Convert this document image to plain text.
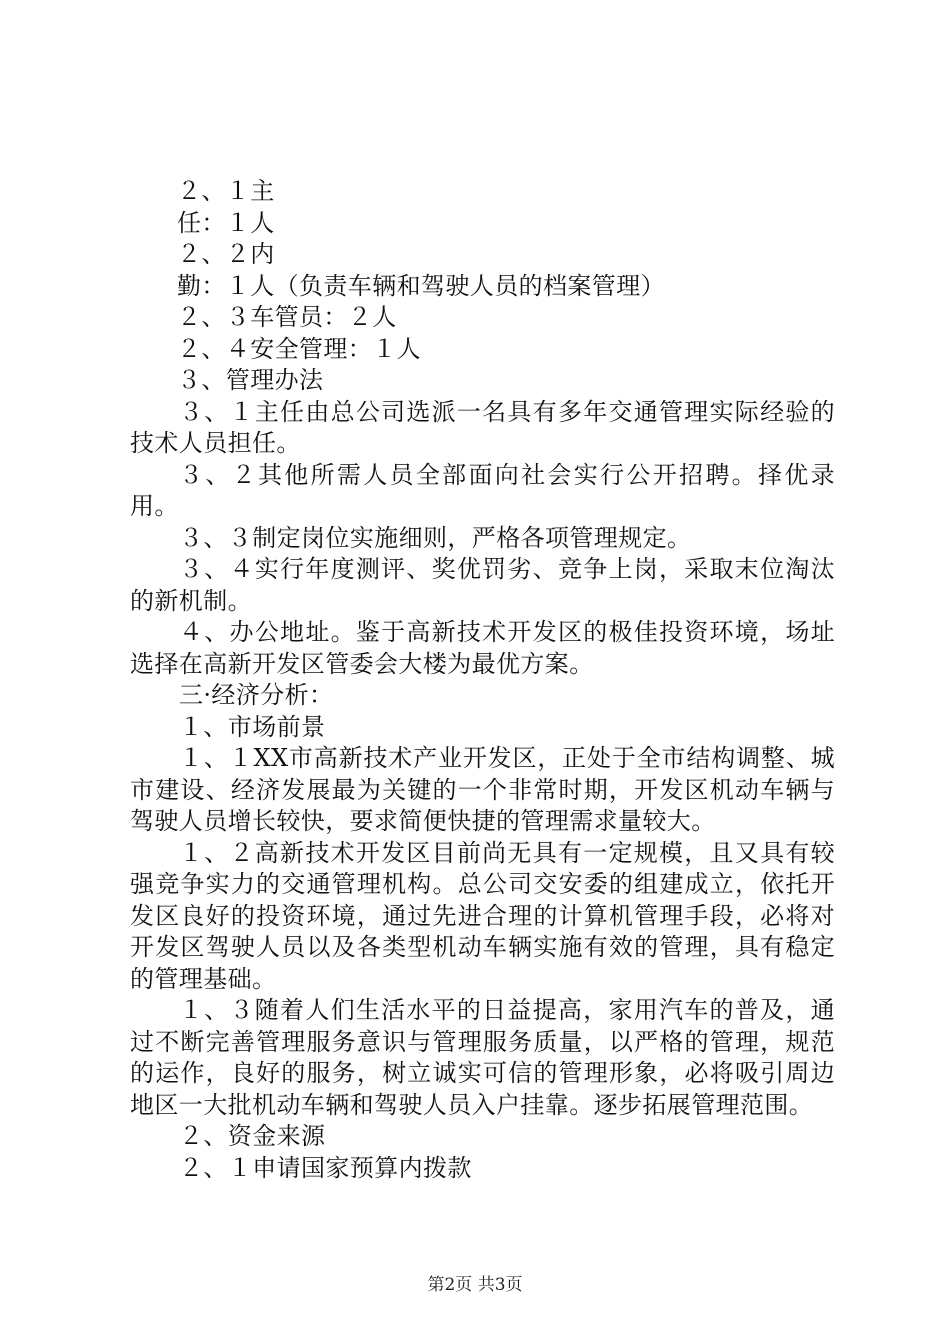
２、１主

任：１人

２、２内

勤：１人（负责车辆和驾驶人员的档案管理）

２、３车管员：２人

２、４安全管理：１人

３、管理办法

３、１主任由总公司选派一名具有多年交通管理实际经验的技术人员担任。

３、２其他所需人员全部面向社会实行公开招聘。择优录用。

３、３制定岗位实施细则，严格各项管理规定。

３、４实行年度测评、奖优罚劣、竞争上岗，采取末位淘汰的新机制。

４、办公地址。鉴于高新技术开发区的极佳投资环境，场址选择在高新开发区管委会大楼为最优方案。

三·经济分析：

１、市场前景

１、１XX市高新技术产业开发区，正处于全市结构调整、城市建设、经济发展最为关键的一个非常时期，开发区机动车辆与驾驶人员增长较快，要求简便快捷的管理需求量较大。

１、２高新技术开发区目前尚无具有一定规模，且又具有较强竞争实力的交通管理机构。总公司交安委的组建成立，依托开发区良好的投资环境，通过先进合理的计算机管理手段，必将对开发区驾驶人员以及各类型机动车辆实施有效的管理，具有稳定的管理基础。

１、３随着人们生活水平的日益提高，家用汽车的普及，通过不断完善管理服务意识与管理服务质量，以严格的管理，规范的运作，良好的服务，树立诚实可信的管理形象，必将吸引周边地区一大批机动车辆和驾驶人员入户挂靠。逐步拓展管理范围。

２、资金来源

２、１申请国家预算内拨款

第2页 共3页
